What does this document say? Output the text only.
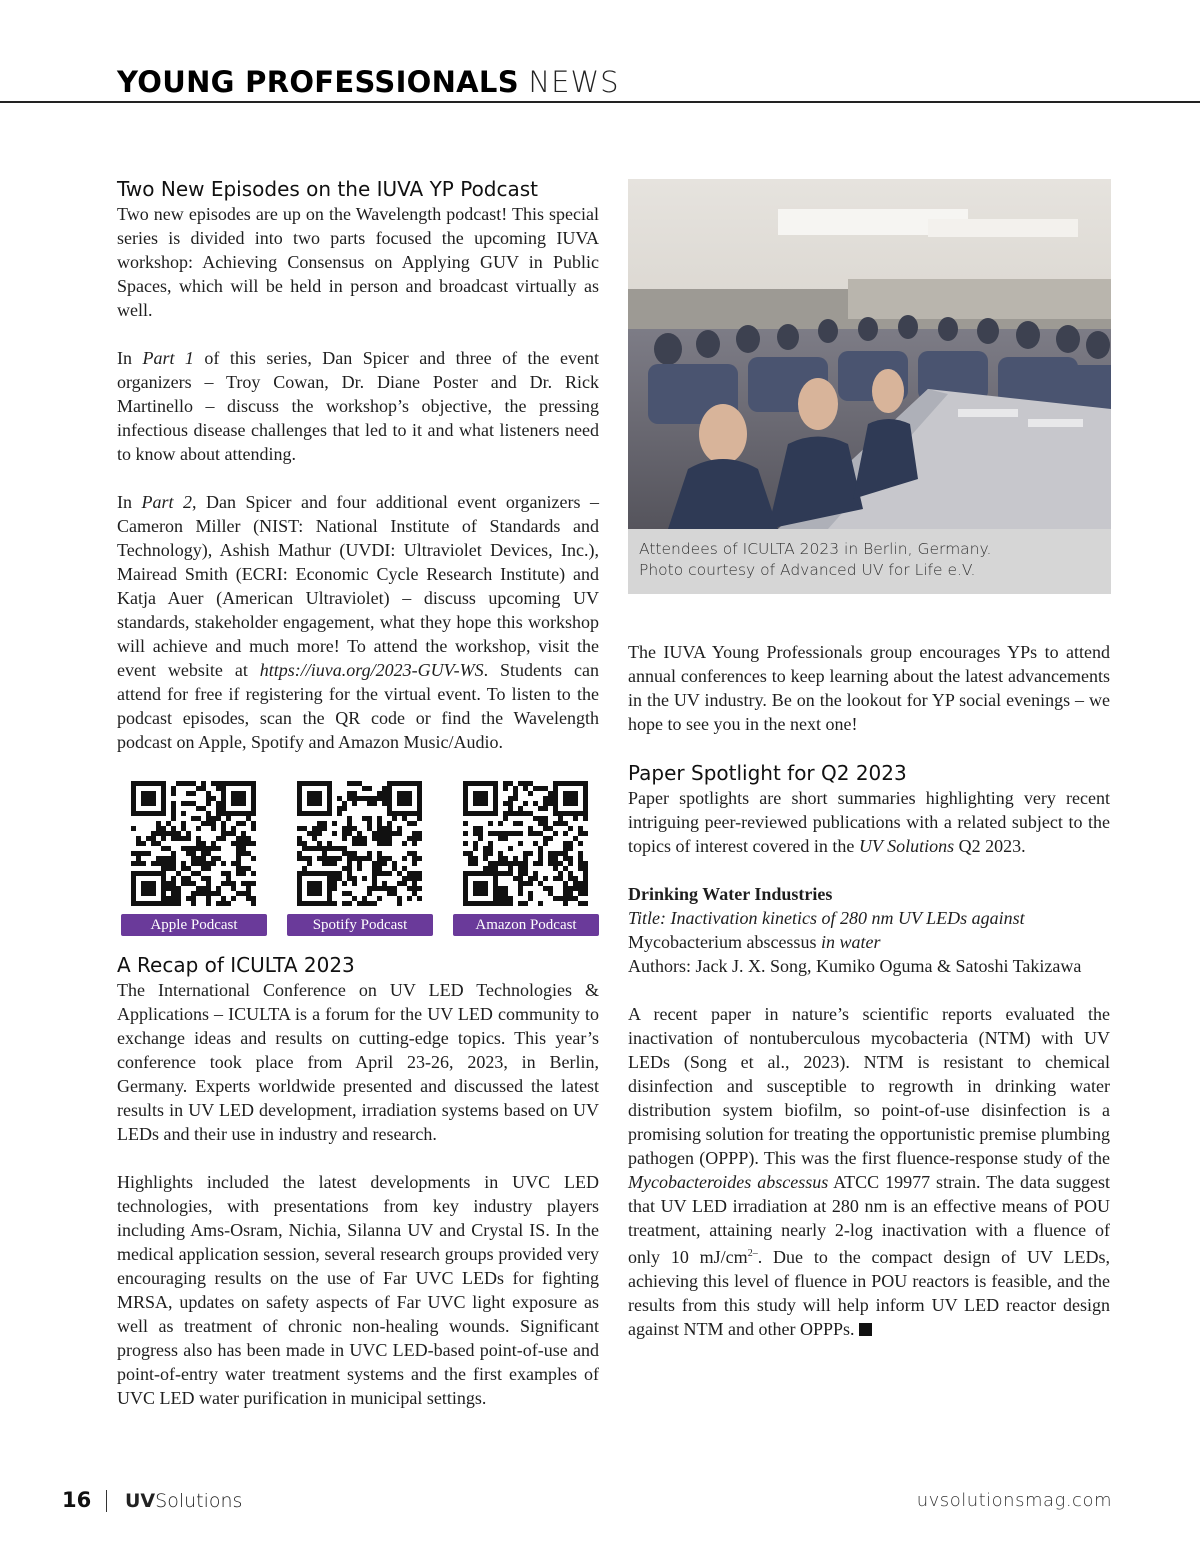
YOUNG PROFESSIONALS NEWS
Two New Episodes on the IUVA YP Podcast

Two new episodes are up on the Wavelength podcast! This special series is divided into two parts focused the upcoming IUVA workshop: Achieving Consensus on Applying GUV in Public Spaces, which will be held in person and broadcast virtually as well.

In Part 1 of this series, Dan Spicer and three of the event organizers – Troy Cowan, Dr. Diane Poster and Dr. Rick Martinello – discuss the workshop’s objective, the pressing infectious disease challenges that led to it and what listeners need to know about attending.

In Part 2, Dan Spicer and four additional event organizers – Cameron Miller (NIST: National Institute of Standards and Technology), Ashish Mathur (UVDI: Ultraviolet Devices, Inc.), Mairead Smith (ECRI: Economic Cycle Research Institute) and Katja Auer (American Ultraviolet) – discuss upcoming UV standards, stakeholder engagement, what they hope this workshop will achieve and much more! To attend the workshop, visit the event website at https://iuva.org/2023-GUV-WS. Students can attend for free if registering for the virtual event. To listen to the podcast episodes, scan the QR code or find the Wavelength podcast on Apple, Spotify and Amazon Music/Audio.

Apple Podcast	Spotify Podcast	Amazon Podcast
A Recap of ICULTA 2023

The International Conference on UV LED Technologies & Applications – ICULTA is a forum for the UV LED community to exchange ideas and results on cutting-edge topics. This year’s conference took place from April 23-26, 2023, in Berlin, Germany. Experts worldwide presented and discussed the latest results in UV LED development, irradiation systems based on UV LEDs and their use in industry and research.

Highlights included the latest developments in UVC LED technologies, with presentations from key industry players including Ams-Osram, Nichia, Silanna UV and Crystal IS. In the medical application session, several research groups provided very encouraging results on the use of Far UVC LEDs for fighting MRSA, updates on safety aspects of Far UVC light exposure as well as treatment of chronic non-healing wounds. Significant progress also has been made in UVC LED-based point-of-use and point-of-entry water treatment systems and the first examples of UVC LED water purification in municipal settings.

Attendees of ICULTA 2023 in Berlin, Germany.
Photo courtesy of Advanced UV for Life e.V.

The IUVA Young Professionals group encourages YPs to attend annual conferences to keep learning about the latest advancements in the UV industry. Be on the lookout for YP social evenings – we hope to see you in the next one!

Paper Spotlight for Q2 2023

Paper spotlights are short summaries highlighting very recent intriguing peer-reviewed publications with a related subject to the topics of interest covered in the UV Solutions Q2 2023.

Drinking Water Industries
Title: Inactivation kinetics of 280 nm UV LEDs against
Mycobacterium abscessus in water
Authors: Jack J. X. Song, Kumiko Oguma & Satoshi Takizawa

A recent paper in nature’s scientific reports evaluated the inactivation of nontuberculous mycobacteria (NTM) with UV LEDs (Song et al., 2023). NTM is resistant to chemical disinfection and susceptible to regrowth in drinking water distribution system biofilm, so point-of-use disinfection is a promising solution for treating the opportunistic premise plumbing pathogen (OPPP). This was the first fluence-response study of the Mycobacteroides abscessus ATCC 19977 strain. The data suggest that UV LED irradiation at 280 nm is an effective means of POU treatment, attaining nearly 2-log inactivation with a fluence of only 10 $mJ/cm^{2-}$. Due to the compact design of UV LEDs, achieving this level of fluence in POU reactors is feasible, and the results from this study will help inform UV LED reactor design against NTM and other OPPPs.

16 UVSolutions	uvsolutionsmag.com
